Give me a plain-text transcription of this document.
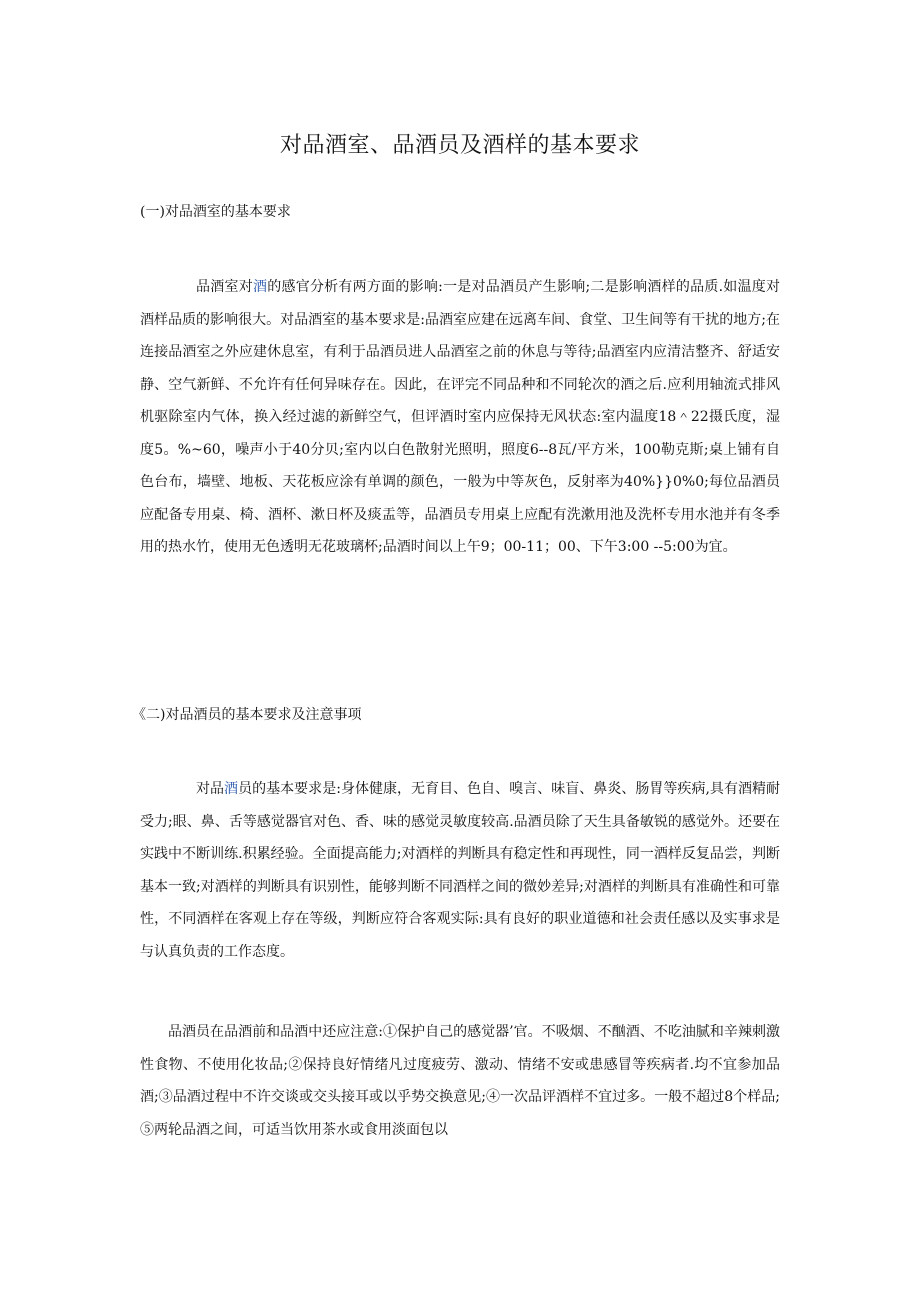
对品酒室、品酒员及酒样的基本要求

(一)对品酒室的基本要求

品酒室对酒的感官分析有两方面的影响:一是对品酒员产生影响;二是影响酒样的品质.如温度对酒样品质的影响很大。对品酒室的基本要求是:品酒室应建在远离车间、食堂、卫生间等有干扰的地方;在连接品酒室之外应建休息室，有利于品酒员进人品酒室之前的休息与等待;品酒室内应清洁整齐、舒适安静、空气新鲜、不允许有任何异味存在。因此，在评完不同品种和不同轮次的酒之后.应利用轴流式排风机驱除室内气体，换入经过滤的新鲜空气，但评酒时室内应保持无风状态:室内温度18＾22摄氏度，湿度5。%~60，噪声小于40分贝;室内以白色散射光照明，照度6--8瓦/平方米，100勒克斯;桌上铺有自色台布，墙壁、地板、天花板应涂有单调的颜色，一般为中等灰色，反射率为40%}}0%0;每位品酒员应配备专用桌、椅、酒杯、漱日杯及痰盂等，品酒员专用桌上应配有洗漱用池及洗杯专用水池并有冬季用的热水竹，使用无色透明无花玻璃杯;品酒时间以上午9；00-11；00、下午3:00 --5:00为宜。

《二)对品酒员的基本要求及注意事项

对品酒员的基本要求是:身体健康，无育目、色自、嗅言、味盲、鼻炎、肠胃等疾病,具有酒精耐受力;眼、鼻、舌等感觉器官对色、香、味的感觉灵敏度较高.品酒员除了天生具备敏锐的感觉外。还要在实践中不断训练.积累经验。全面提高能力;对酒样的判断具有稳定性和再现性，同一酒样反复品尝，判断基本一致;对酒样的判断具有识别性，能够判断不同酒样之间的微妙差异;对酒样的判断具有准确性和可靠性，不同酒样在客观上存在等级，判断应符合客观实际:具有良好的职业道德和社会责任感以及实事求是与认真负责的工作态度。

品酒员在品酒前和品酒中还应注意:①保护自己的感觉器’官。不吸烟、不酗酒、不吃油腻和辛辣刺激性食物、不使用化妆品;②保持良好情绪凡过度疲劳、激动、情绪不安或患感冒等疾病者.均不宜参加品酒;③品酒过程中不许交谈或交头接耳或以乎势交换意见;④一次品评酒样不宜过多。一般不超过8个样品;⑤两轮品酒之间，可适当饮用茶水或食用淡面包以
